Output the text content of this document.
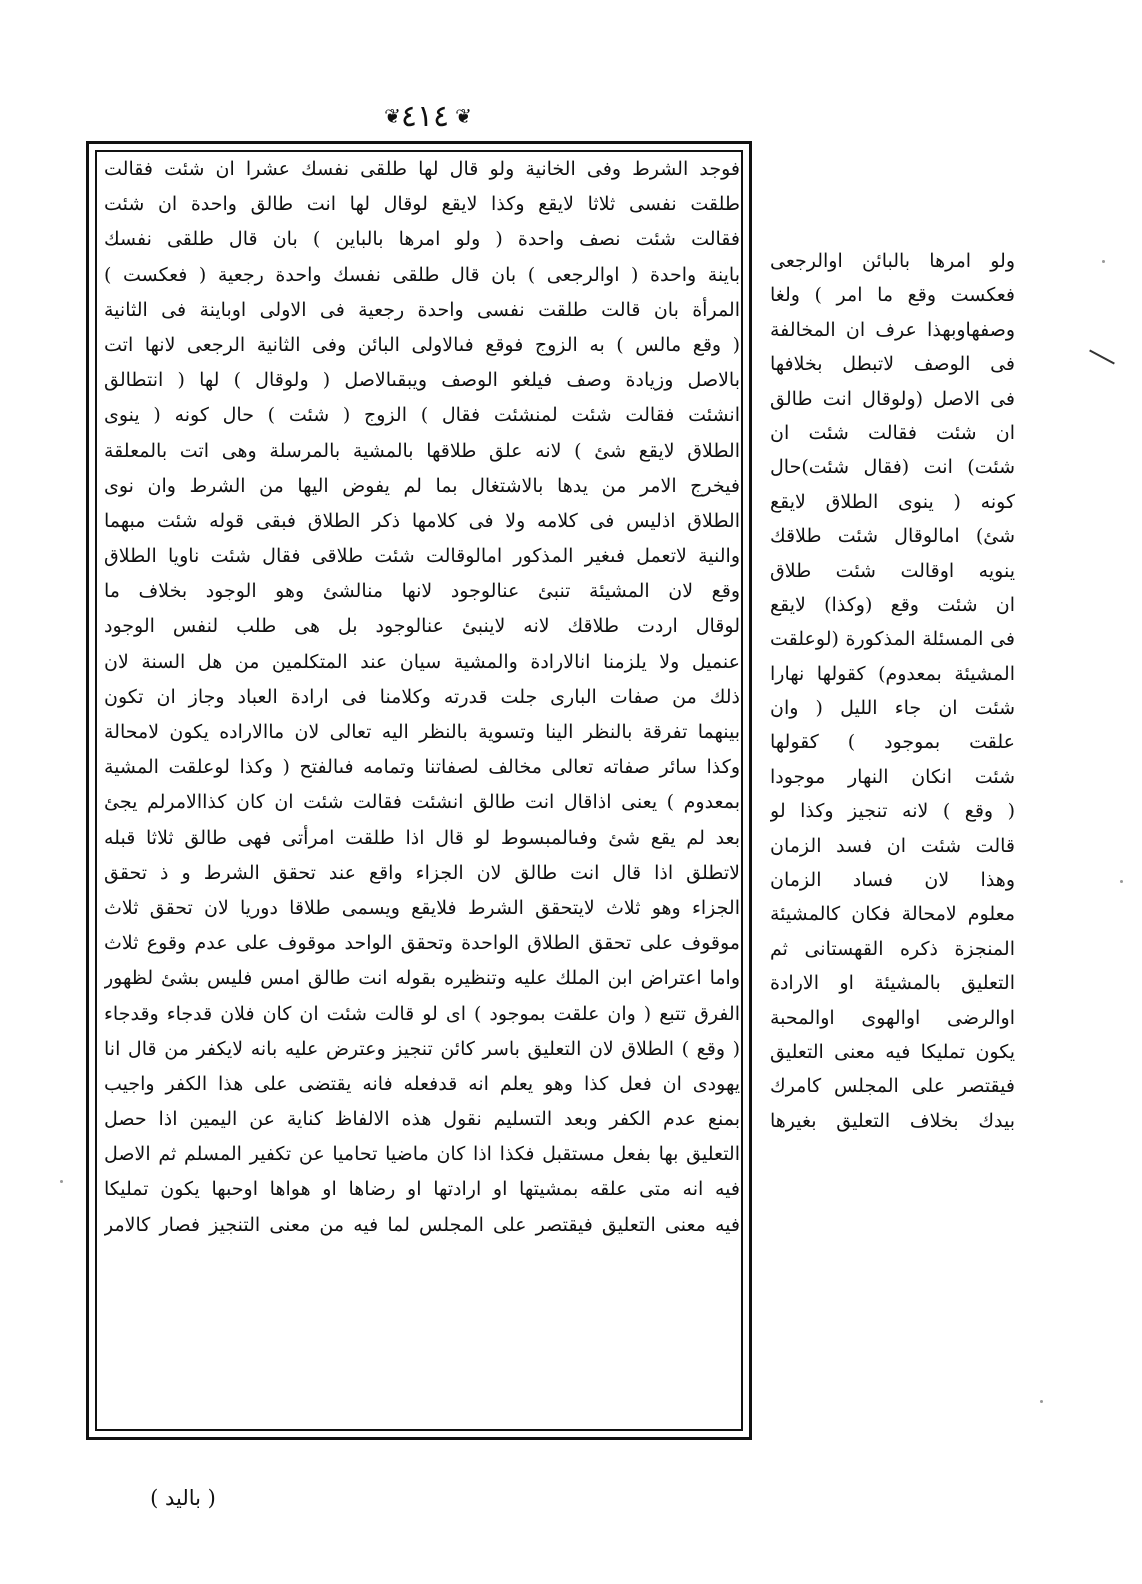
❦
٤١٤
❦
فوجد الشرط وفى الخانية ولو قال لها طلقى نفسك عشرا ان شئت فقالت
طلقت نفسى ثلاثا لايقع وكذا لايقع لوقال لها انت طالق واحدة ان شئت
فقالت شئت نصف واحدة ( ولو امرها بالباين ) بان قال طلقى نفسك
باينة واحدة ( اوالرجعى ) بان قال طلقى نفسك واحدة رجعية ( فعكست )
المرأة بان قالت طلقت نفسى واحدة رجعية فى الاولى اوباينة فى الثانية
( وقع مالس ) به الزوج فوقع فىالاولى البائن وفى الثانية الرجعى لانها اتت
بالاصل وزيادة وصف فيلغو الوصف ويبقىالاصل ( ولوقال ) لها ( انتطالق
انشئت فقالت شئت لمنشئت فقال ) الزوج ( شئت ) حال كونه ( ينوى
الطلاق لايقع شئ ) لانه علق طلاقها بالمشية بالمرسلة وهى اتت بالمعلقة
فيخرج الامر من يدها بالاشتغال بما لم يفوض اليها من الشرط وان نوى
الطلاق اذليس فى كلامه ولا فى كلامها ذكر الطلاق فبقى قوله شئت مبهما
والنية لاتعمل فىغير المذكور امالوقالت شئت طلاقى فقال شئت ناويا الطلاق
وقع لان المشيئة تنبئ عنالوجود لانها منالشئ وهو الوجود بخلاف ما
لوقال اردت طلاقك لانه لاينبئ عنالوجود بل هى طلب لنفس الوجود
عنميل ولا يلزمنا انالارادة والمشية سيان عند المتكلمين من هل السنة لان
ذلك من صفات البارى جلت قدرته وكلامنا فى ارادة العباد وجاز ان تكون
بينهما تفرقة بالنظر الينا وتسوية بالنظر اليه تعالى لان ماالاراده يكون لامحالة
وكذا سائر صفاته تعالى مخالف لصفاتنا وتمامه فىالفتح ( وكذا لوعلقت المشية
بمعدوم ) يعنى اذاقال انت طالق انشئت فقالت شئت ان كان كذاالامرلم يجئ
بعد لم يقع شئ وفىالمبسوط لو قال اذا طلقت امرأتى فهى طالق ثلاثا قبله
لاتطلق اذا قال انت طالق لان الجزاء واقع عند تحقق الشرط و ذ تحقق
الجزاء وهو ثلاث لايتحقق الشرط فلايقع ويسمى طلاقا دوريا لان تحقق ثلاث
موقوف على تحقق الطلاق الواحدة وتحقق الواحد موقوف على عدم وقوع ثلاث
واما اعتراض ابن الملك عليه وتنظيره بقوله انت طالق امس فليس بشئ لظهور
الفرق تتبع ( وان علقت بموجود ) اى لو قالت شئت ان كان فلان قدجاء وقدجاء
( وقع ) الطلاق لان التعليق باسر كائن تنجيز وعترض عليه بانه لايكفر من قال انا
يهودى ان فعل كذا وهو يعلم انه قدفعله فانه يقتضى على هذا الكفر واجيب
بمنع عدم الكفر وبعد التسليم نقول هذه الالفاظ كناية عن اليمين اذا حصل
التعليق بها بفعل مستقبل فكذا اذا كان ماضيا تحاميا عن تكفير المسلم ثم الاصل
فيه انه متى علقه بمشيتها او ارادتها او رضاها او هواها اوحبها يكون تمليكا
فيه معنى التعليق فيقتصر على المجلس لما فيه من معنى التنجيز فصار كالامر
ولو امرها بالبائن اوالرجعى
فعكست وقع ما امر ) ولغا
وصفهاوبهذا عرف ان المخالفة
فى الوصف لاتبطل بخلافها
فى الاصل (ولوقال انت طالق
ان شئت فقالت شئت ان
شئت) انت (فقال شئت)حال
كونه ( ينوى الطلاق لايقع
شئ) امالوقال شئت طلاقك
ينويه اوقالت شئت طلاق
ان شئت وقع (وكذا) لايقع
فى المسئلة المذكورة (لوعلقت
المشيئة بمعدوم) كقولها نهارا
شئت ان جاء الليل ( وان
علقت بموجود ) كقولها
شئت انكان النهار موجودا
( وقع ) لانه تنجيز وكذا لو
قالت شئت ان فسد الزمان
وهذا لان فساد الزمان
معلوم لامحالة فكان كالمشيئة
المنجزة ذكره القهستانى ثم
التعليق بالمشيئة او الارادة
اوالرضى اوالهوى اوالمحبة
يكون تمليكا فيه معنى التعليق
فيقتصر على المجلس كامرك
بيدك بخلاف التعليق بغيرها
( باليد )
